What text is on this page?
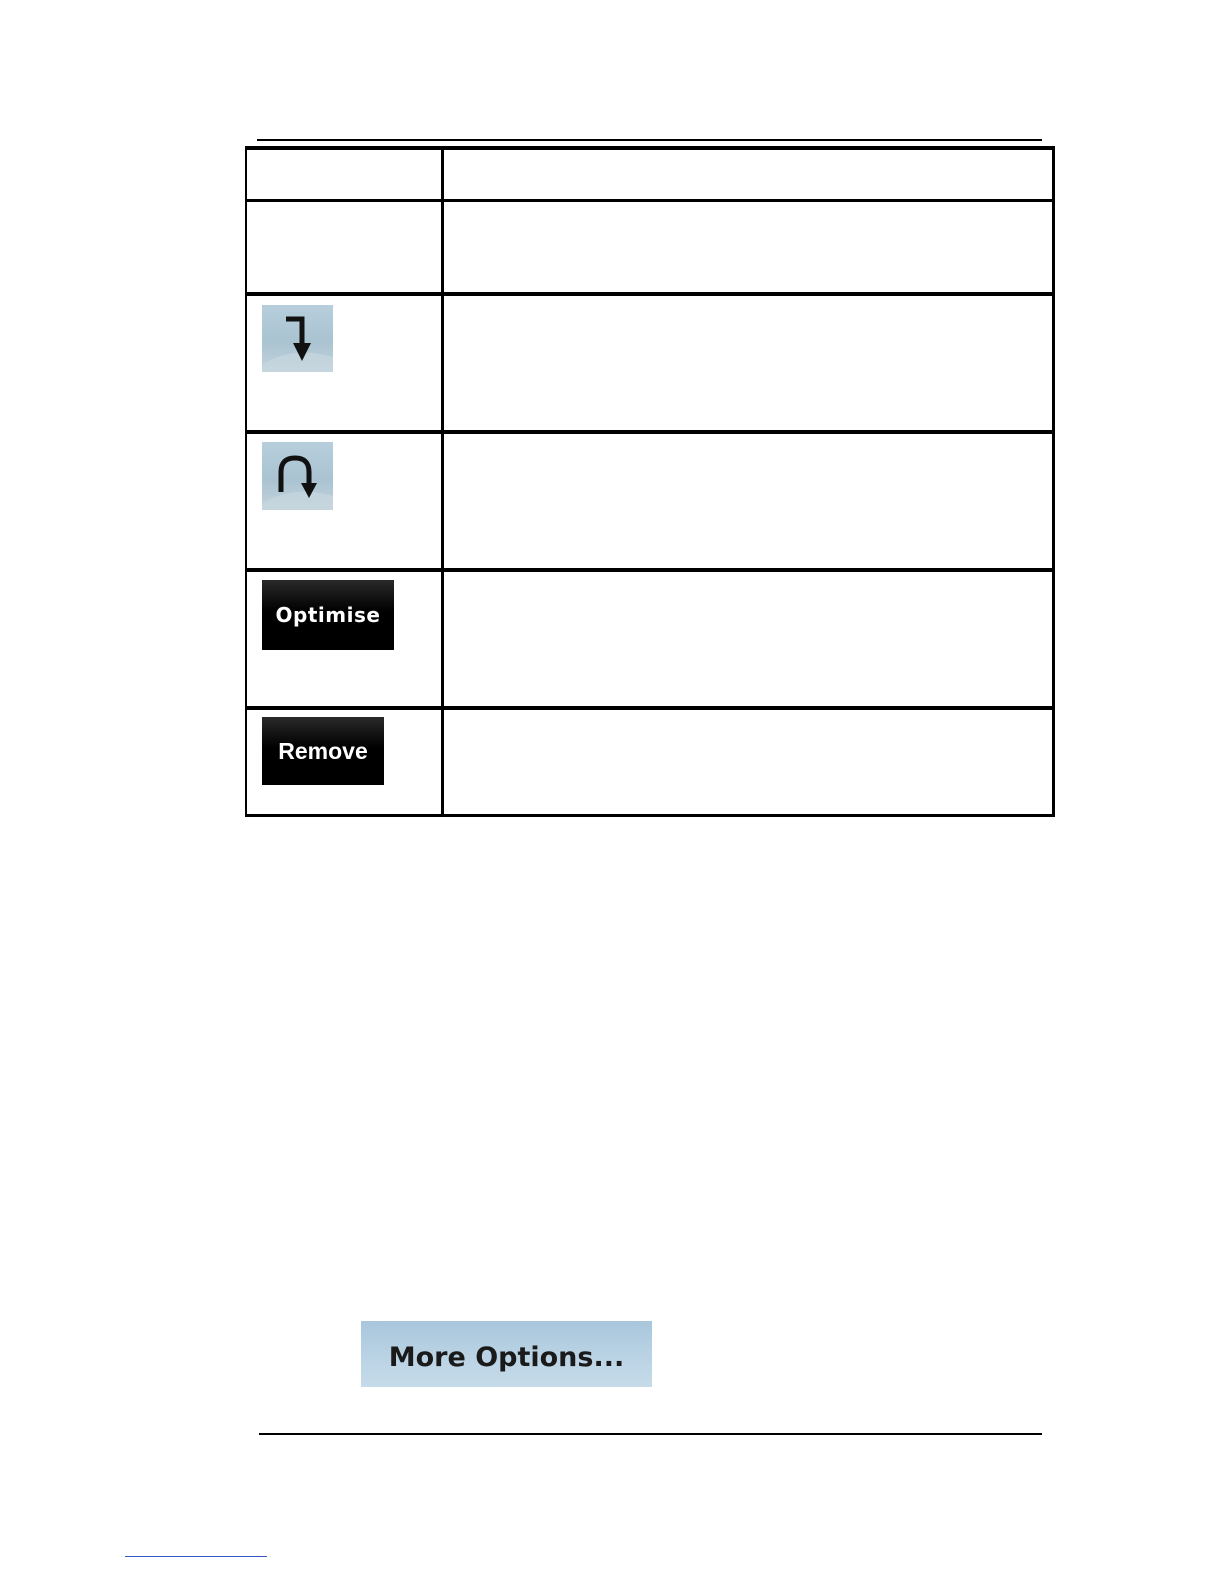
Optimise
Remove
More Options...
